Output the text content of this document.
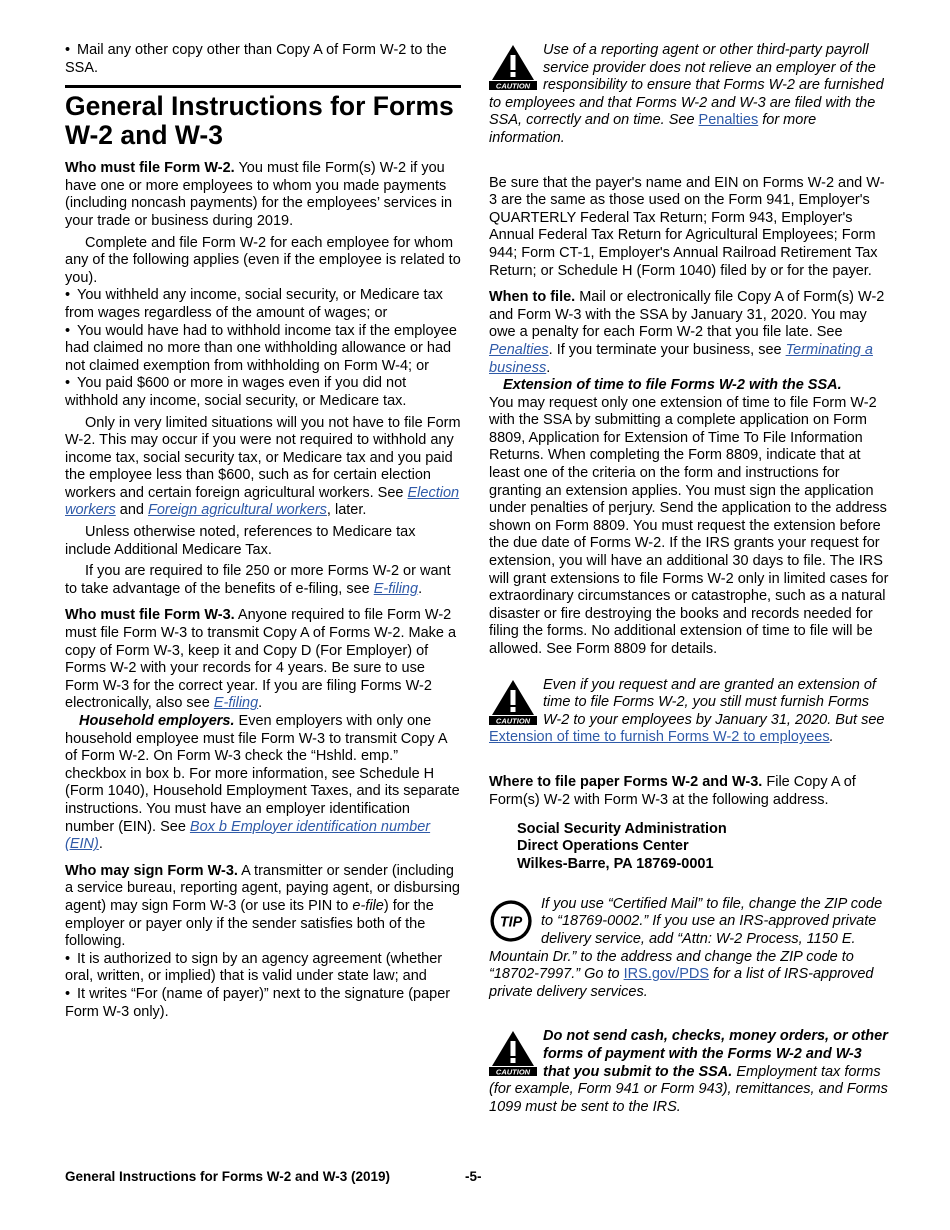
• Mail any other copy other than Copy A of Form W-2 to the SSA.

General Instructions for Forms W-2 and W-3

Who must file Form W-2. You must file Form(s) W-2 if you have one or more employees to whom you made payments (including noncash payments) for the employees’ services in your trade or business during 2019.

Complete and file Form W-2 for each employee for whom any of the following applies (even if the employee is related to you).

• You withheld any income, social security, or Medicare tax from wages regardless of the amount of wages; or

• You would have had to withhold income tax if the employee had claimed no more than one withholding allowance or had not claimed exemption from withholding on Form W-4; or

• You paid $600 or more in wages even if you did not withhold any income, social security, or Medicare tax.

Only in very limited situations will you not have to file Form W-2. This may occur if you were not required to withhold any income tax, social security tax, or Medicare tax and you paid the employee less than $600, such as for certain election workers and certain foreign agricultural workers. See Election workers and Foreign agricultural workers, later.

Unless otherwise noted, references to Medicare tax include Additional Medicare Tax.

If you are required to file 250 or more Forms W-2 or want to take advantage of the benefits of e-filing, see E-filing.

Who must file Form W-3. Anyone required to file Form W-2 must file Form W-3 to transmit Copy A of Forms W-2. Make a copy of Form W-3, keep it and Copy D (For Employer) of Forms W-2 with your records for 4 years. Be sure to use Form W-3 for the correct year. If you are filing Forms W-2 electronically, also see E-filing.

Household employers. Even employers with only one household employee must file Form W-3 to transmit Copy A of Form W-2. On Form W-3 check the “Hshld. emp.” checkbox in box b. For more information, see Schedule H (Form 1040), Household Employment Taxes, and its separate instructions. You must have an employer identification number (EIN). See Box b Employer identification number (EIN).

Who may sign Form W-3. A transmitter or sender (including a service bureau, reporting agent, paying agent, or disbursing agent) may sign Form W-3 (or use its PIN to e-file) for the employer or payer only if the sender satisfies both of the following.

• It is authorized to sign by an agency agreement (whether oral, written, or implied) that is valid under state law; and

• It writes “For (name of payer)” next to the signature (paper Form W-3 only).

CAUTION
Use of a reporting agent or other third-party payroll service provider does not relieve an employer of the responsibility to ensure that Forms W-2 are furnished to employees and that Forms W-2 and W-3 are filed with the SSA, correctly and on time. See Penalties for more information.

Be sure that the payer's name and EIN on Forms W-2 and W-3 are the same as those used on the Form 941, Employer's QUARTERLY Federal Tax Return; Form 943, Employer's Annual Federal Tax Return for Agricultural Employees; Form 944; Form CT-1, Employer's Annual Railroad Retirement Tax Return; or Schedule H (Form 1040) filed by or for the payer.

When to file. Mail or electronically file Copy A of Form(s) W-2 and Form W-3 with the SSA by January 31, 2020. You may owe a penalty for each Form W-2 that you file late. See Penalties. If you terminate your business, see Terminating a business.

Extension of time to file Forms W-2 with the SSA.
You may request only one extension of time to file Form W-2 with the SSA by submitting a complete application on Form 8809, Application for Extension of Time To File Information Returns. When completing the Form 8809, indicate that at least one of the criteria on the form and instructions for granting an extension applies. You must sign the application under penalties of perjury. Send the application to the address shown on Form 8809. You must request the extension before the due date of Forms W-2. If the IRS grants your request for extension, you will have an additional 30 days to file. The IRS will grant extensions to file Forms W-2 only in limited cases for extraordinary circumstances or catastrophe, such as a natural disaster or fire destroying the books and records needed for filing the forms. No additional extension of time to file will be allowed. See Form 8809 for details.

CAUTION
Even if you request and are granted an extension of time to file Forms W-2, you still must furnish Forms W-2 to your employees by January 31, 2020. But see Extension of time to furnish Forms W-2 to employees.

Where to file paper Forms W-2 and W-3. File Copy A of Form(s) W-2 with Form W-3 at the following address.

Social Security Administration
Direct Operations Center
Wilkes-Barre, PA 18769-0001
TIP
If you use “Certified Mail” to file, change the ZIP code to “18769-0002.” If you use an IRS-approved private delivery service, add “Attn: W-2 Process, 1150 E. Mountain Dr.” to the address and change the ZIP code to “18702-7997.” Go to IRS.gov/PDS for a list of IRS-approved private delivery services.
CAUTION
Do not send cash, checks, money orders, or other forms of payment with the Forms W-2 and W-3 that you submit to the SSA. Employment tax forms (for example, Form 941 or Form 943), remittances, and Forms 1099 must be sent to the IRS.
General Instructions for Forms W-2 and W-3 (2019)	-5-
